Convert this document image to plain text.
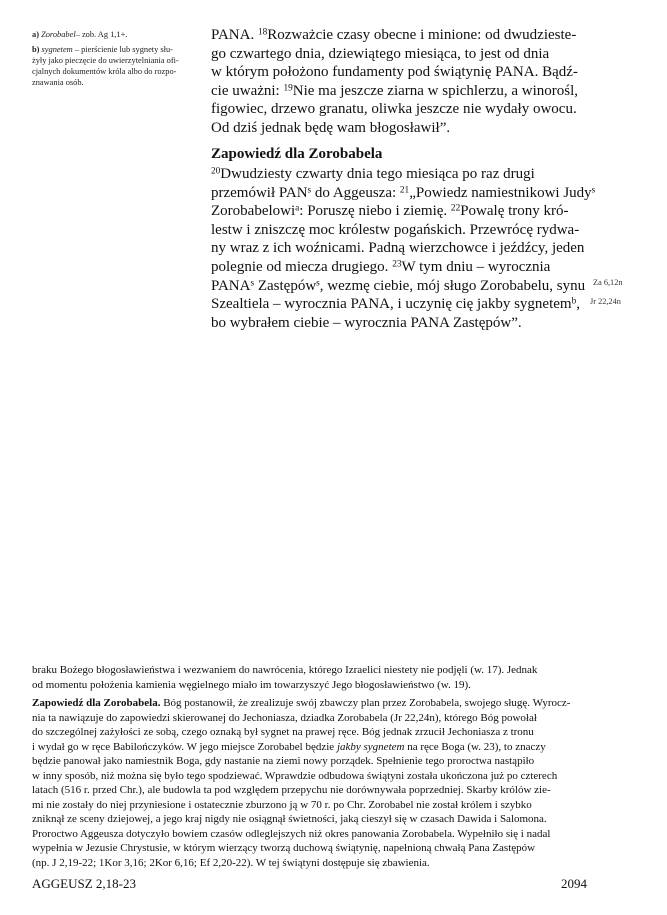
a) Zorobabel– zob. Ag 1,1+.
b) sygnetem – pierścienie lub sygnety słu-
żyły jako pieczęcie do uwierzytelniania ofi-
cjalnych dokumentów króla albo do rozpo-
znawania osób.
PANA. $^{18}$Rozważcie czasy obecne i minione: od dwudzieste-
go czwartego dnia, dziewiątego miesiąca, to jest od dnia
w którym położono fundamenty pod świątynię PANA. Bądź-
cie uważni: $^{19}$Nie ma jeszcze ziarna w spichlerzu, a winorośl,
figowiec, drzewo granatu, oliwka jeszcze nie wydały owocu.
Od dziś jednak będę wam błogosławił”.
Zapowiedź dla Zorobabela
$^{20}$Dwudziesty czwarty dnia tego miesiąca po raz drugi
przemówił PAN$^s$ do Aggeusza: $^{21}$„Powiedz namiestnikowi Judy$^s$
Zorobabelowi$^a$: Poruszę niebo i ziemię. $^{22}$Powalę trony kró-
lestw i zniszczę moc królestw pogańskich. Przewrócę rydwa-
ny wraz z ich woźnicami. Padną wierzchowce i jeźdźcy, jeden
polegnie od miecza drugiego. $^{23}$W tym dniu – wyrocznia
PANA$^s$ Zastępów$^s$, wezmę ciebie, mój sługo Zorobabelu, synu
Szealtiela – wyrocznia PANA, i uczynię cię jakby sygnetem$^b$,
bo wybrałem ciebie – wyrocznia PANA Zastępów”.
Za 6,12n
Jr 22,24n
braku Bożego błogosławieństwa i wezwaniem do nawrócenia, którego Izraelici niestety nie podjęli (w. 17). Jednak
od momentu położenia kamienia węgielnego miało im towarzyszyć Jego błogosławieństwo (w. 19).
Zapowiedź dla Zorobabela. Bóg postanowił, że zrealizuje swój zbawczy plan przez Zorobabela, swojego sługę. Wyrocz-
nia ta nawiązuje do zapowiedzi skierowanej do Jechoniasza, dziadka Zorobabela (Jr 22,24n), którego Bóg powołał
do szczególnej zażyłości ze sobą, czego oznaką był sygnet na prawej ręce. Bóg jednak zrzucił Jechoniasza z tronu
i wydał go w ręce Babilończyków. W jego miejsce Zorobabel będzie jakby sygnetem na ręce Boga (w. 23), to znaczy
będzie panował jako namiestnik Boga, gdy nastanie na ziemi nowy porządek. Spełnienie tego proroctwa nastąpiło
w inny sposób, niż można się było tego spodziewać. Wprawdzie odbudowa świątyni została ukończona już po czterech
latach (516 r. przed Chr.), ale budowla ta pod względem przepychu nie dorównywała poprzedniej. Skarby królów zie-
mi nie zostały do niej przyniesione i ostatecznie zburzono ją w 70 r. po Chr. Zorobabel nie został królem i szybko
zniknął ze sceny dziejowej, a jego kraj nigdy nie osiągnął świetności, jaką cieszył się w czasach Dawida i Salomona.
Proroctwo Aggeusza dotyczyło bowiem czasów odleglejszych niż okres panowania Zorobabela. Wypełniło się i nadal
wypełnia w Jezusie Chrystusie, w którym wierzący tworzą duchową świątynię, napełnioną chwałą Pana Zastępów
(np. J 2,19-22; 1Kor 3,16; 2Kor 6,16; Ef 2,20-22). W tej świątyni dostępuje się zbawienia.
AGGEUSZ 2,18-23	2094
